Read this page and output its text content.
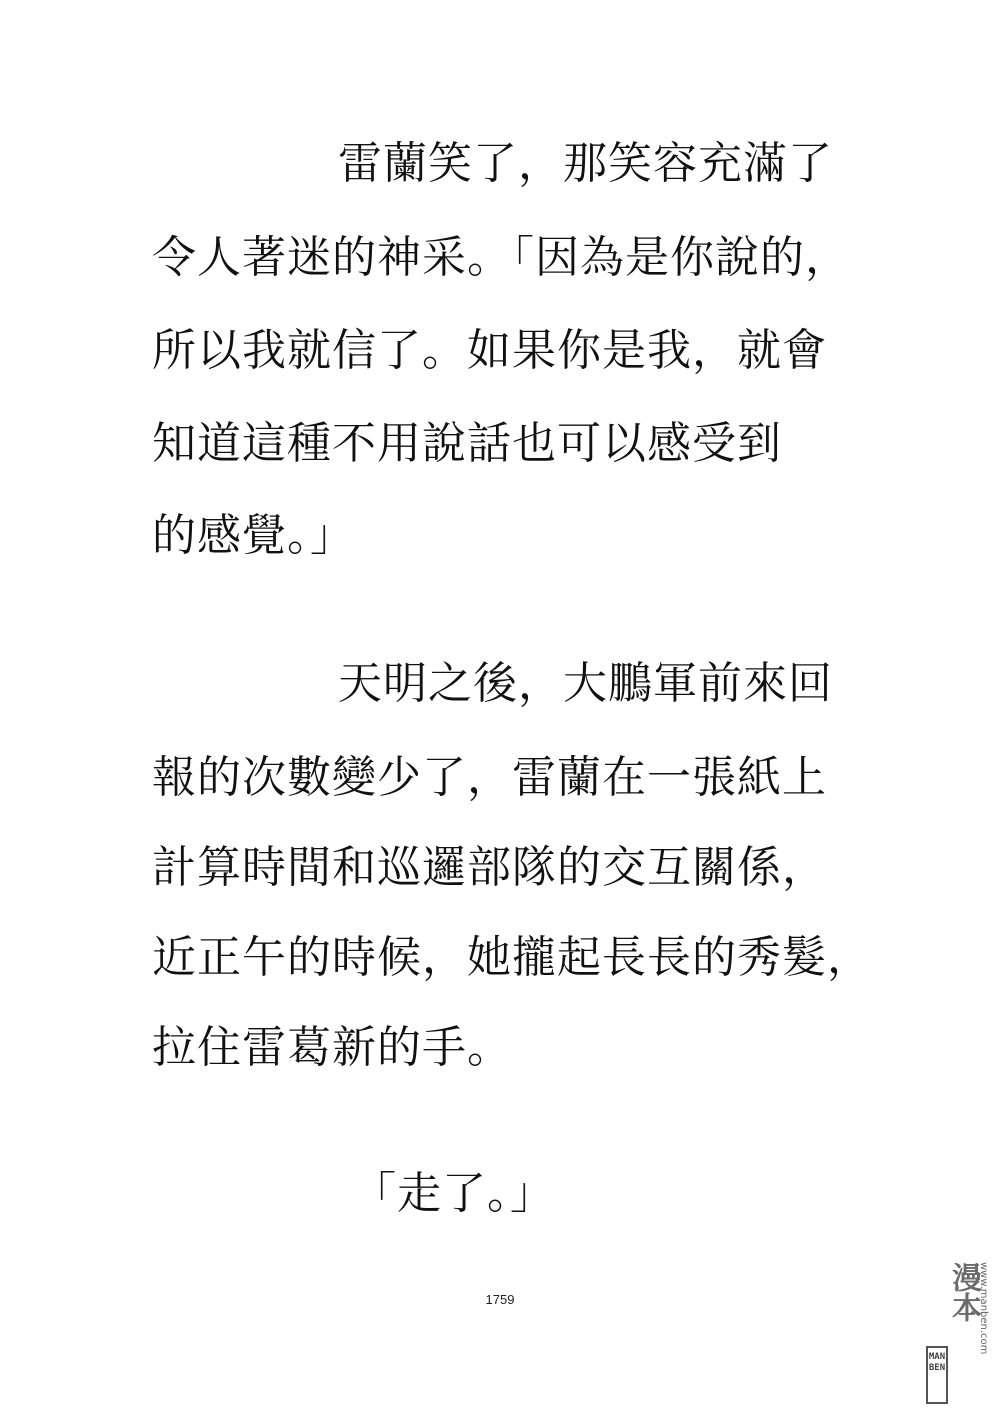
雷蘭笑了，那笑容充滿了
令人著迷的神采。「因為是你說的，
所以我就信了。如果你是我，就會
知道這種不用說話也可以感受到
的感覺。」
天明之後，大鵬軍前來回
報的次數變少了，雷蘭在一張紙上
計算時間和巡邏部隊的交互關係，
近正午的時候，她攏起長長的秀髮，
拉住雷葛新的手。
「走了。」
1759
MANBEN
漫本
www.manben.com
